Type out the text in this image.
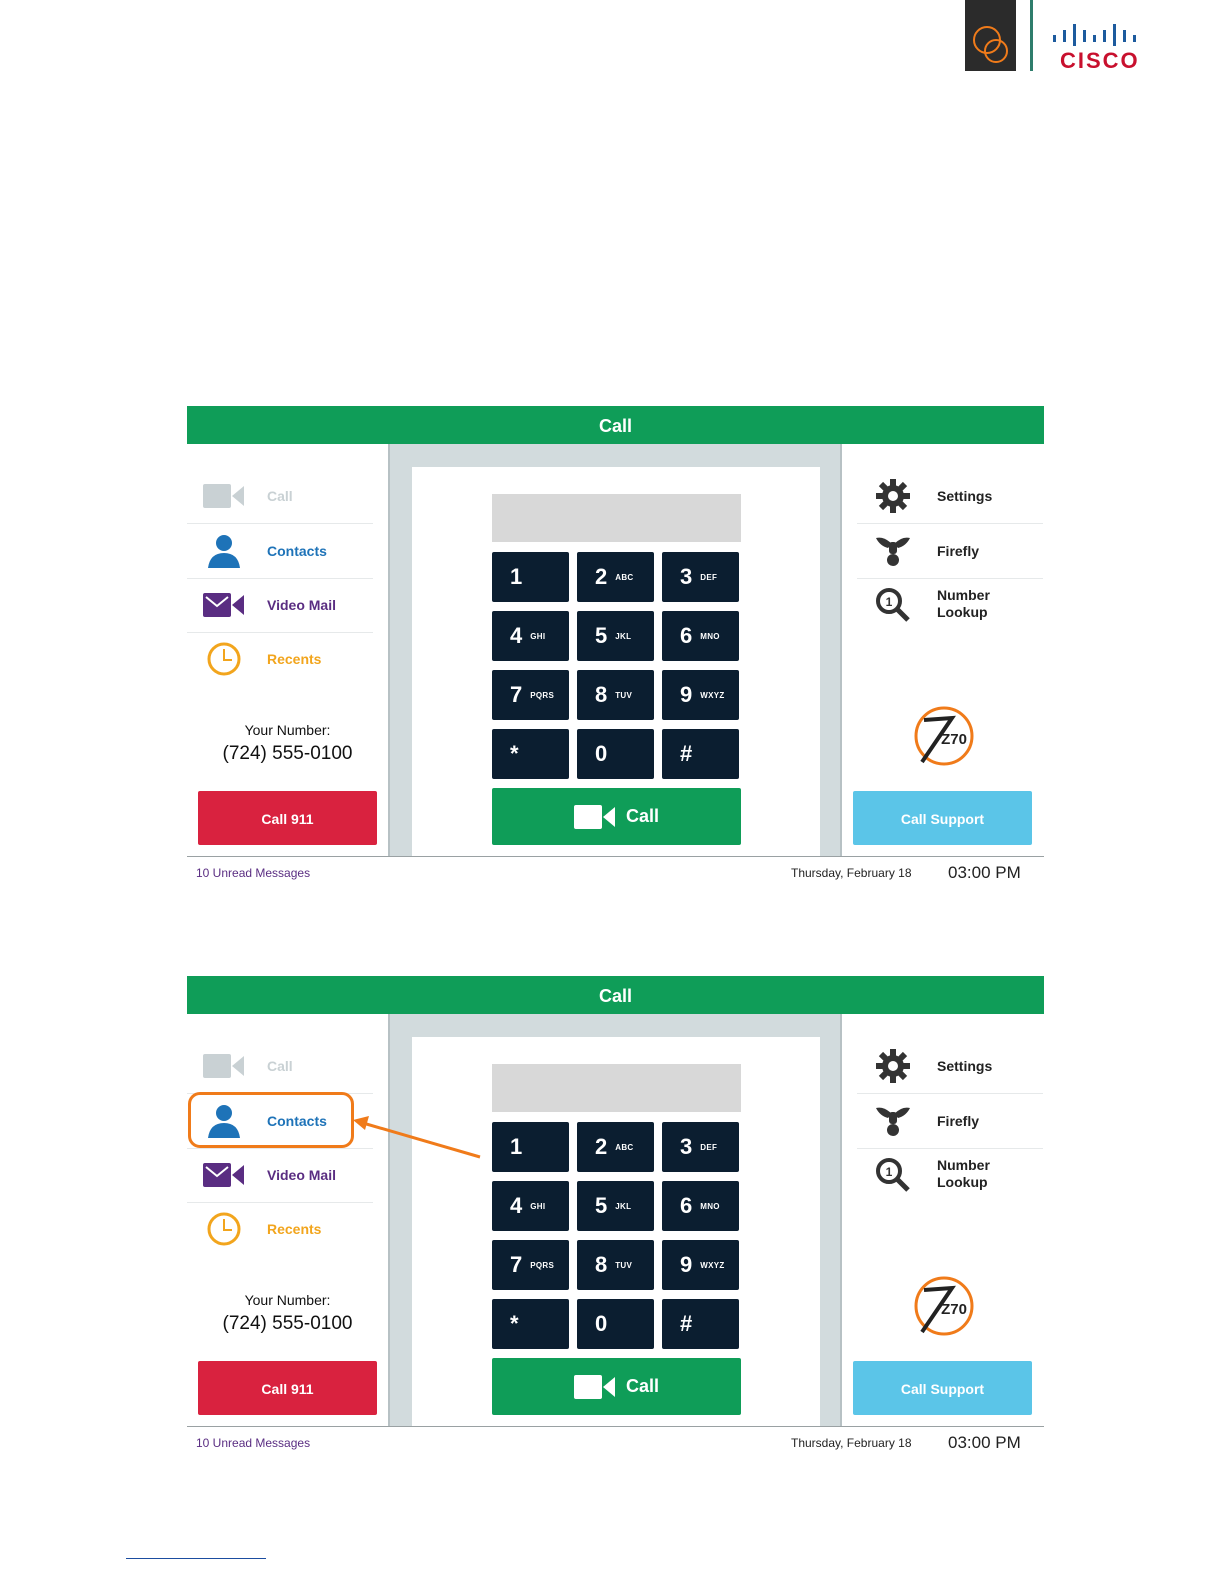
CISCO
Call
Call
Contacts
Video Mail
Recents
Your Number:
(724) 555-0100
Call 911
1	2 ABC 3 DEF
4 GHI 5 JKL 6 MNO
7 PQRS 8 TUV 9 WXYZ
*	0	#
Call
Settings
Firefly
1	Number
Lookup
Z70
Call Support
10 Unread Messages	Thursday, February 18 03:00 PM
Call
Call
Contacts
Video Mail
Recents
Your Number:
(724) 555-0100
Call 911
1	2 ABC 3 DEF
4 GHI 5 JKL 6 MNO
7 PQRS 8 TUV 9 WXYZ
*	0	#
Call
Settings
Firefly
1	Number
Lookup
Z70
Call Support
10 Unread Messages	Thursday, February 18 03:00 PM
